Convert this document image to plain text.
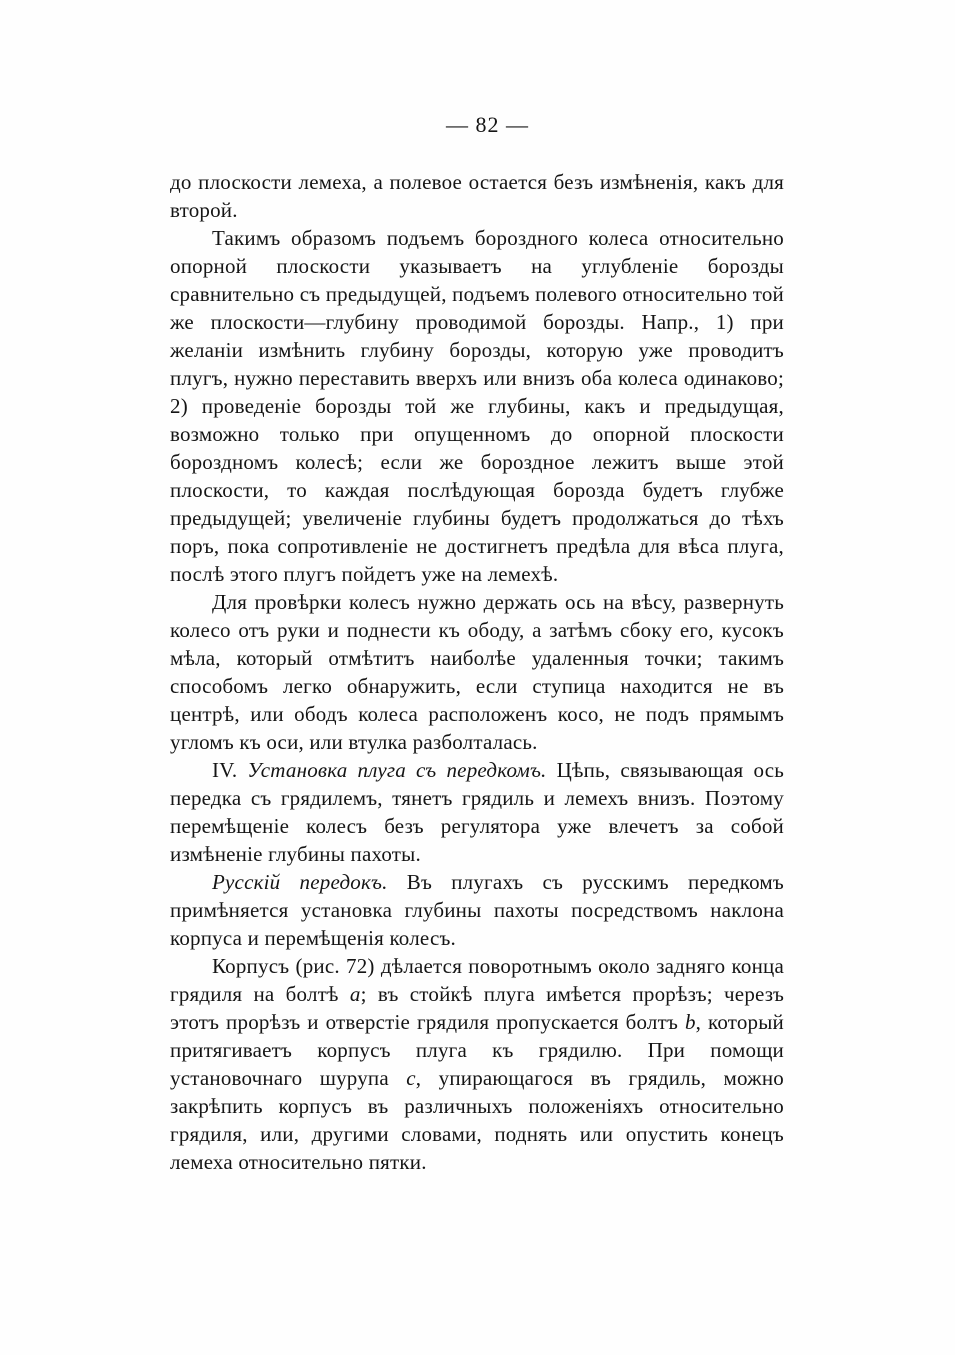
— 82 —

до плоскости лемеха, а полевое остается безъ измѣненія, какъ для второй.

Такимъ образомъ подъемъ бороздного колеса относительно опорной плоскости указываетъ на углубленіе борозды сравнительно съ предыдущей, подъемъ полевого относительно той же плоскости—глубину проводимой борозды. Напр., 1) при желаніи измѣнить глубину борозды, которую уже проводитъ плугъ, нужно переставить вверхъ или внизъ оба колеса одинаково; 2) проведеніе борозды той же глубины, какъ и предыдущая, возможно только при опущенномъ до опорной плоскости бороздномъ колесѣ; если же бороздное лежитъ выше этой плоскости, то каждая послѣдующая борозда будетъ глубже предыдущей; увеличеніе глубины будетъ продолжаться до тѣхъ поръ, пока сопротивленіе не достигнетъ предѣла для вѣса плуга, послѣ этого плугъ пойдетъ уже на лемехѣ.

Для провѣрки колесъ нужно держать ось на вѣсу, развернуть колесо отъ руки и поднести къ ободу, а затѣмъ сбоку его, кусокъ мѣла, который отмѣтитъ наиболѣе удаленныя точки; такимъ способомъ легко обнаружить, если ступица находится не въ центрѣ, или ободъ колеса расположенъ косо, не подъ прямымъ угломъ къ оси, или втулка разболталась.

IV. Установка плуга съ передкомъ. Цѣпь, связывающая ось передка съ грядилемъ, тянетъ грядиль и лемехъ внизъ. Поэтому перемѣщеніе колесъ безъ регулятора уже влечетъ за собой измѣненіе глубины пахоты.

Русскій передокъ. Въ плугахъ съ русскимъ передкомъ примѣняется установка глубины пахоты посредствомъ наклона корпуса и перемѣщенія колесъ.

Корпусъ (рис. 72) дѣлается поворотнымъ около задняго конца грядиля на болтѣ a; въ стойкѣ плуга имѣется прорѣзъ; черезъ этотъ прорѣзъ и отверстіе грядиля пропускается болтъ b, который притягиваетъ корпусъ плуга къ грядилю. При помощи установочнаго шурупа c, упирающагося въ грядиль, можно закрѣпить корпусъ въ различныхъ положеніяхъ относительно грядиля, или, другими словами, поднять или опустить конецъ лемеха относительно пятки.
